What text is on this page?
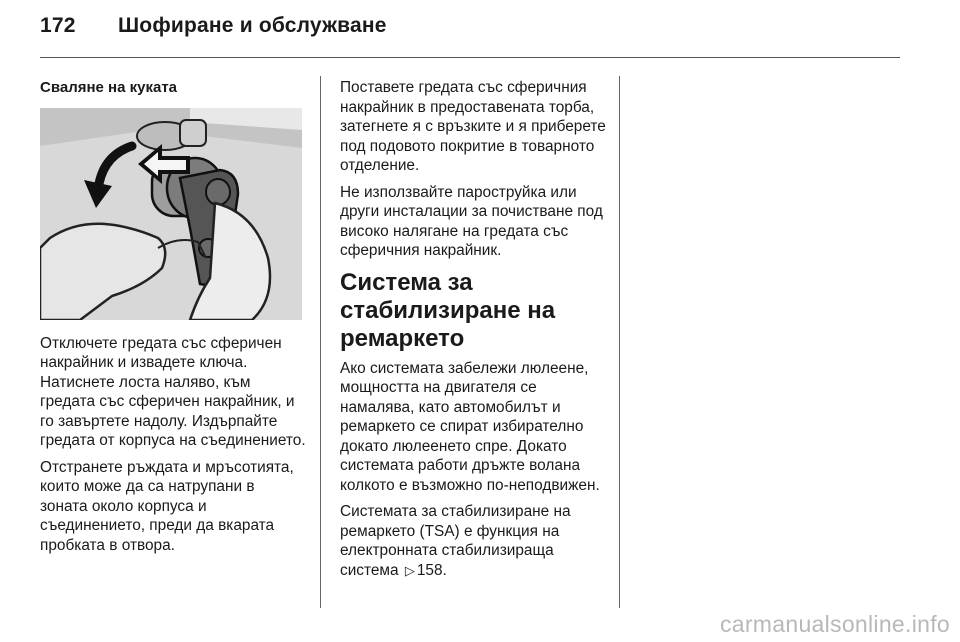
172 Шофиране и обслужване
Сваляне на куката

Отключете гредата със сферичен накрайник и извадете ключа. Натиснете лоста наляво, към гредата със сферичен накрайник, и го завъртете надолу. Издърпайте гредата от корпуса на съединението.

Отстранете ръждата и мръсотията, които може да са натрупани в зоната около корпуса и съединението, преди да вкарата пробката в отвора.

Поставете гредата със сферичния накрайник в предоставената торба, затегнете я с връзките и я приберете под подовото покритие в товарното отделение.

Не използвайте пароструйка или други инсталации за почистване под високо налягане на гредата със сферичния накрайник.

Система за стабилизиране на ремаркето

Ако системата забележи люлеене, мощността на двигателя се намалява, като автомобилът и ремаркето се спират избирателно докато люлеенето спре. Докато системата работи дръжте волана колкото е възможно по-неподвижен.

Системата за стабилизиране на ремаркето (TSA) е функция на електронната стабилизираща система ▷ 158.

carmanualsonline.info
